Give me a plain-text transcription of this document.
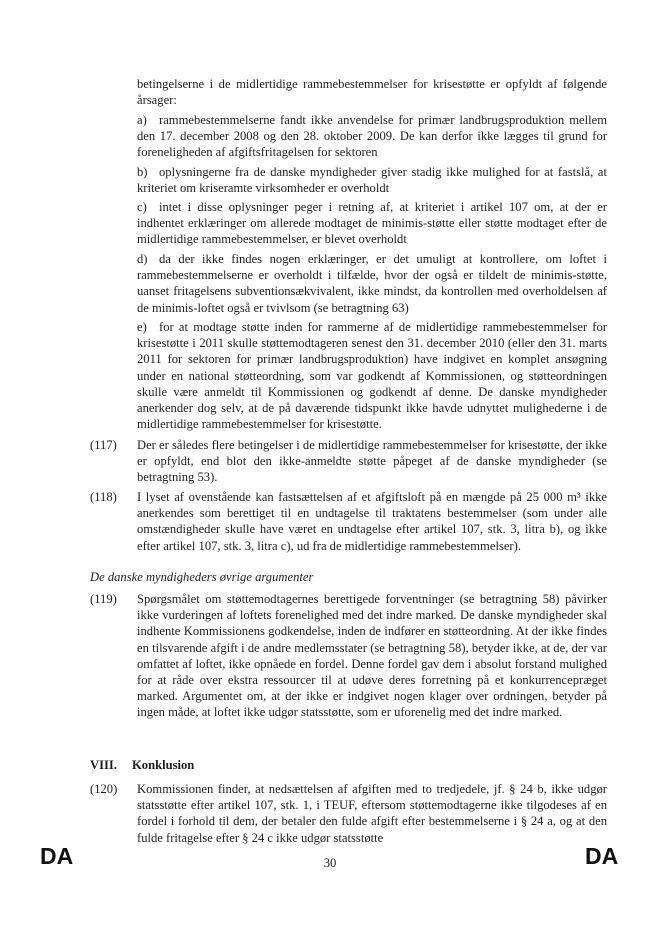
betingelserne i de midlertidige rammebestemmelser for krisestøtte er opfyldt af følgende årsager:
a) rammebestemmelserne fandt ikke anvendelse for primær landbrugsproduktion mellem den 17. december 2008 og den 28. oktober 2009. De kan derfor ikke lægges til grund for foreneligheden af afgiftsfritagelsen for sektoren
b) oplysningerne fra de danske myndigheder giver stadig ikke mulighed for at fastslå, at kriteriet om kriseramte virksomheder er overholdt
c) intet i disse oplysninger peger i retning af, at kriteriet i artikel 107 om, at der er indhentet erklæringer om allerede modtaget de minimis-støtte eller støtte modtaget efter de midlertidige rammebestemmelser, er blevet overholdt
d) da der ikke findes nogen erklæringer, er det umuligt at kontrollere, om loftet i rammebestemmelserne er overholdt i tilfælde, hvor der også er tildelt de minimis-støtte, uanset fritagelsens subventionsækvivalent, ikke mindst, da kontrollen med overholdelsen af de minimis-loftet også er tvivlsom (se betragtning 63)
e) for at modtage støtte inden for rammerne af de midlertidige rammebestemmelser for krisestøtte i 2011 skulle støttemodtageren senest den 31. december 2010 (eller den 31. marts 2011 for sektoren for primær landbrugsproduktion) have indgivet en komplet ansøgning under en national støtteordning, som var godkendt af Kommissionen, og støtteordningen skulle være anmeldt til Kommissionen og godkendt af denne. De danske myndigheder anerkender dog selv, at de på daværende tidspunkt ikke havde udnyttet mulighederne i de midlertidige rammebestemmelser for krisestøtte.
(117)	Der er således flere betingelser i de midlertidige rammebestemmelser for krisestøtte, der ikke er opfyldt, end blot den ikke-anmeldte støtte påpeget af de danske myndigheder (se betragtning 53).
(118)	I lyset af ovenstående kan fastsættelsen af et afgiftsloft på en mængde på 25 000 m³ ikke anerkendes som berettiget til en undtagelse til traktatens bestemmelser (som under alle omstændigheder skulle have været en undtagelse efter artikel 107, stk. 3, litra b), og ikke efter artikel 107, stk. 3, litra c), ud fra de midlertidige rammebestemmelser).
De danske myndigheders øvrige argumenter
(119)	Spørgsmålet om støttemodtagernes berettigede forventninger (se betragtning 58) påvirker ikke vurderingen af loftets forenelighed med det indre marked. De danske myndigheder skal indhente Kommissionens godkendelse, inden de indfører en støtteordning. At der ikke findes en tilsvarende afgift i de andre medlemsstater (se betragtning 58), betyder ikke, at de, der var omfattet af loftet, ikke opnåede en fordel. Denne fordel gav dem i absolut forstand mulighed for at råde over ekstra ressourcer til at udøve deres forretning på et konkurrencepræget marked. Argumentet om, at der ikke er indgivet nogen klager over ordningen, betyder på ingen måde, at loftet ikke udgør statsstøtte, som er uforenelig med det indre marked.
VIII. Konklusion
(120)	Kommissionen finder, at nedsættelsen af afgiften med to tredjedele, jf. § 24 b, ikke udgør statsstøtte efter artikel 107, stk. 1, i TEUF, eftersom støttemodtagerne ikke tilgodeses af en fordel i forhold til dem, der betaler den fulde afgift efter bestemmelserne i § 24 a, og at den fulde fritagelse efter § 24 c ikke udgør statsstøtte
DA	30	DA
